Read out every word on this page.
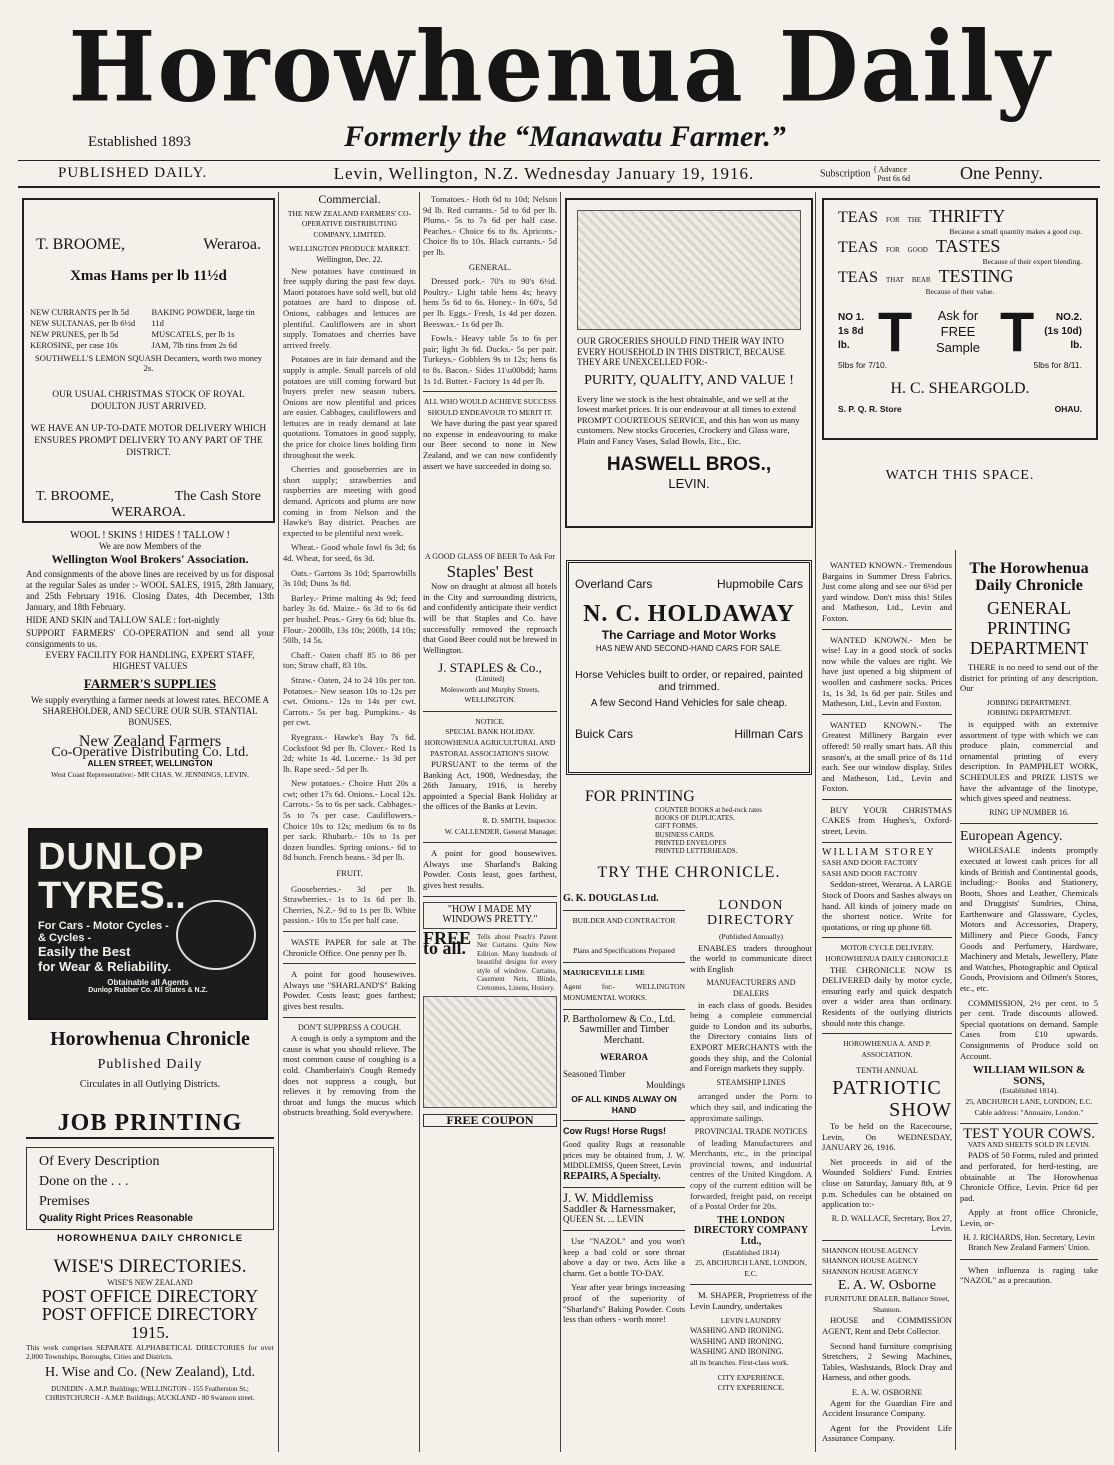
Horowhenua Daily
Established 1893	Formerly the “Manawatu Farmer.”
PUBLISHED DAILY.	Levin, Wellington, N.Z. Wednesday January 19, 1916.	Subscription { Advance
Post 6s 6d	One Penny.
T. BROOME,	Weraroa.
Xmas Hams per lb 11½d
NEW CURRANTS per lb 5d
NEW SULTANAS, per lb 6½d
NEW PRUNES, per lb 5d
KEROSINE, per case 10s
BAKING POWDER, large tin 11d
MUSCATELS, per lb 1s
JAM, 7lb tins from 2s 6d
SOUTHWELL'S LEMON SQUASH Decanters, worth two money 2s.
OUR USUAL CHRISTMAS STOCK OF ROYAL DOULTON JUST ARRIVED.
WE HAVE AN UP-TO-DATE MOTOR DELIVERY WHICH ENSURES PROMPT DELIVERY TO ANY PART OF THE DISTRICT.
T. BROOME,	The Cash Store
WERAROA.
WOOL ! SKINS ! HIDES ! TALLOW !
We are now Members of the
Wellington Wool Brokers' Association.
And consignments of the above lines are received by us for disposal at the regular Sales as under :- WOOL SALES, 1915, 28th January, and 25th February 1916. Closing Dates, 4th December, 13th January, and 18th February.
HIDE AND SKIN and TALLOW SALE : fort-nightly
SUPPORT FARMERS' CO-OPERATION and send all your consignments to us.
EVERY FACILITY FOR HANDLING, EXPERT STAFF, HIGHEST VALUES
FARMER'S SUPPLIES
We supply everything a farmer needs at lowest rates. BECOME A SHAREHOLDER, AND SECURE OUR SUB. STANTIAL BONUSES.
New Zealand Farmers
Co-Operative Distributing Co. Ltd.
ALLEN STREET, WELLINGTON
West Coast Representative:- MR CHAS. W. JENNINGS, LEVIN.
DUNLOP
TYRES..
For Cars - Motor Cycles -
& Cycles -
Easily the Best
for Wear & Reliability.
Obtainable all Agents
Dunlop Rubber Co. All States & N.Z.
Horowhenua Chronicle
Published Daily
Circulates in all Outlying Districts.
JOB PRINTING
Of Every Description
Done on the . . .
Premises
Quality Right Prices Reasonable
HOROWHENUA DAILY CHRONICLE
WISE'S DIRECTORIES.
WISE'S NEW ZEALAND
POST OFFICE DIRECTORY
POST OFFICE DIRECTORY
1915.
This work comprises SEPARATE ALPHABETICAL DIRECTORIES for over 2,000 Townships, Boroughs, Cities and Districts.
H. Wise and Co. (New Zealand), Ltd.
DUNEDIN - A.M.P. Buildings; WELLINGTON - 155 Featherston St.; CHRISTCHURCH - A.M.P. Buildings; AUCKLAND - 80 Swanson street.
Commercial.
THE NEW ZEALAND FARMERS' CO-OPERATIVE DISTRIBUTING COMPANY, LIMITED.
WELLINGTON PRODUCE MARKET.
Wellington, Dec. 22.

New potatoes have continued in free supply during the past few days. Maori potatoes have sold well, but old potatoes are hard to dispose of. Onions, cabbages and lettuces are plentiful. Cauliflowers are in short supply. Tomatoes and cherries have arrived freely.

Potatoes are in fair demand and the supply is ample. Small parcels of old potatoes are still coming forward but buyers prefer new season tubers. Onions are now plentiful and prices are easier. Cabbages, cauliflowers and lettuces are in ready demand at late quotations. Tomatoes in good supply, the price for choice lines holding firm throughout the week.

Cherries and gooseberries are in short supply; strawberries and raspberries are meeting with good demand. Apricots and plums are now coming in from Nelson and the Hawke's Bay district. Peaches are expected to be plentiful next week.

Wheat.- Good whole fowl 6s 3d; 6s 4d. Wheat, for seed, 6s 3d.

Oats.- Gartons 3s 10d; Sparrowbills 3s 10d; Duns 3s 8d.

Barley.- Prime malting 4s 9d; feed barley 3s 6d. Maize.- 6s 3d to 6s 6d per bushel. Peas.- Grey 6s 6d; blue 8s. Flour.- 2000lb, 13s 10s; 200lb, 14 10s; 50lb, 14 5s.

Chaff.- Oaten chaff 85 to 86 per ton; Straw chaff, 83 10s.

Straw.- Oaten, 24 to 24 10s per ton. Potatoes.- New season 10s to 12s per cwt. Onions.- 12s to 14s per cwt. Carrots.- 5s per bag. Pumpkins.- 4s per cwt.

Ryegrass.- Hawke's Bay 7s 6d. Cocksfoot 9d per lb. Clover.- Red 1s 2d; white 1s 4d. Lucerne.- 1s 3d per lb. Rape seed.- 5d per lb.

New potatoes.- Choice Hutt 20s a cwt; other 17s 6d. Onions.- Local 12s. Carrots.- 5s to 6s per sack. Cabbages.- 5s to 7s per case. Cauliflowers.- Choice 10s to 12s; medium 6s to 8s per sack. Rhubarb.- 10s to 1s per dozen bundles. Spring onions.- 6d to 8d bunch. French beans.- 3d per lb.

FRUIT.

Gooseberries.- 3d per lb. Strawberries.- 1s to 1s 6d per lb. Cherries, N.Z.- 9d to 1s per lb. White passion.- 10s to 15s per half case.

WASTE PAPER for sale at The Chronicle Office. One penny per lb.

A point for good housewives. Always use "SHARLAND'S" Baking Powder. Costs least; goes farthest; gives best results.

DON'T SUPPRESS A COUGH.

A cough is only a symptom and the cause is what you should relieve. The most common cause of coughing is a cold. Chamberlain's Cough Remedy does not suppress a cough, but relieves it by removing from the throat and lungs the mucus which obstructs breathing. Sold everywhere.

Tomatoes.- Hoth 6d to 10d; Nelson 9d lb. Red currants.- 5d to 6d per lb. Plums.- 5s to 7s 6d per half case. Peaches.- Choice 6s to 8s. Apricots.- Choice 8s to 10s. Black currants.- 5d per lb.

GENERAL.

Dressed pork.- 70's to 90's 6½d. Poultry.- Light table hens 4s; heavy hens 5s 6d to 6s. Honey.- In 60's, 5d per lb. Eggs.- Fresh, 1s 4d per dozen. Beeswax.- 1s 6d per lb.

Fowls.- Heavy table 5s to 6s per pair; light 3s 6d. Ducks.- 5s per pair. Turkeys.- Gobblers 9s to 12s; hens 6s to 8s. Bacon.- Sides 11\u00bdd; hams 1s 1d. Butter.- Factory 1s 4d per lb.

ALL WHO WOULD ACHIEVE SUCCESS SHOULD ENDEAVOUR TO MERIT IT.

We have during the past year spared no expense in endeavouring to make our Beer second to none in New Zealand, and we can now confidently assert we have succeeded in doing so.

A GOOD GLASS OF BEER To Ask For
Staples' Best

Now on draught at almost all hotels in the City and surrounding districts, and confidently anticipate their verdict will be that Staples and Co. have successfully removed the reproach that Good Beer could not be brewed in Wellington.

J. STAPLES & Co.,
(Limited)
Molesworth and Murphy Streets, WELLINGTON.
NOTICE.
SPECIAL BANK HOLIDAY.
HOROWHENUA AGRICULTURAL AND PASTORAL ASSOCIATION'S SHOW.

PURSUANT to the terms of the Banking Act, 1908, Wednesday, the 26th January, 1916, is hereby appointed a Special Bank Holiday at the offices of the Banks at Levin.

R. D. SMITH, Inspector.
W. CALLENDER, General Manager.

A point for good housewives. Always use Sharland's Baking Powder. Costs least, goes farthest, gives best results.

"HOW I MADE MY WINDOWS PRETTY."
FREE to all.
Tells about Peach's Patent Net Curtains. Quite New Edition. Many hundreds of beautiful designs for every style of window. Curtains, Casement Nets, Blinds, Cretonnes, Linens, Hosiery.
FREE COUPON
OUR GROCERIES SHOULD FIND THEIR WAY INTO EVERY HOUSEHOLD IN THIS DISTRICT, BECAUSE THEY ARE UNEXCELLED FOR:-
PURITY, QUALITY, AND VALUE !
Every line we stock is the best obtainable, and we sell at the lowest market prices. It is our endeavour at all times to extend PROMPT COURTEOUS SERVICE, and this has won us many customers. New stocks Groceries, Crockery and Glass ware, Plain and Fancy Vases, Salad Bowls, Etc., Etc.
HASWELL BROS.,
LEVIN.
Overland Cars	Hupmobile Cars
N. C. HOLDAWAY
The Carriage and Motor Works
HAS NEW AND SECOND-HAND CARS FOR SALE.
Horse Vehicles built to order, or repaired, painted and trimmed.
A few Second Hand Vehicles for sale cheap.
Buick Cars	Hillman Cars
FOR PRINTING
COUNTER BOOKS at bed-rock rates
BOOKS OF DUPLICATES.
GIFT FORMS.
BUSINESS CARDS.
PRINTED ENVELOPES
PRINTED LETTERHEADS.
TRY THE CHRONICLE.
G. K. DOUGLAS Ltd.
BUILDER AND CONTRACTOR
Plans and Specifications Prepared
MAURICEVILLE LIME
Agent for:- WELLINGTON MONUMENTAL WORKS.
P. Bartholomew & Co., Ltd.
Sawmiller and Timber Merchant.
WERAROA
Seasoned Timber
Mouldings
OF ALL KINDS ALWAY ON HAND
Cow Rugs! Horse Rugs!
Good quality Rugs at reasonable prices may be obtained from, J. W. MIDDLEMISS, Queen Street, Levin
REPAIRS, A Specialty.
J. W. Middlemiss
Saddler & Harnessmaker,
QUEEN St. ... LEVIN

Use "NAZOL" and you won't keep a bad cold or sore throat above a day or two. Acts like a charm. Get a bottle TO-DAY.

Year after year brings increasing proof of the superiority of "Sharland's" Baking Powder. Costs less than others - worth more!

LONDON DIRECTORY
(Published Annually)

ENABLES traders throughout the world to communicate direct with English

MANUFACTURERS AND DEALERS

in each class of goods. Besides being a complete commercial guide to London and its suburbs, the Directory contains lists of EXPORT MERCHANTS with the goods they ship, and the Colonial and Foreign markets they supply.

STEAMSHIP LINES

arranged under the Ports to which they sail, and indicating the approximate sailings.

PROVINCIAL TRADE NOTICES

of leading Manufacturers and Merchants, etc., in the principal provincial towns, and industrial centres of the United Kingdom. A copy of the current edition will be forwarded, freight paid, on receipt of a Postal Order for 20s.

THE LONDON DIRECTORY COMPANY Ltd.,
(Established 1814)
25, ABCHURCH LANE, LONDON, E.C.

M. SHAPER, Proprietress of the Levin Laundry, undertakes

LEVIN LAUNDRY
WASHING AND IRONING.
WASHING AND IRONING.
WASHING AND IRONING.
all its branches. First-class work.
CITY EXPERIENCE.
CITY EXPERIENCE.
TEAS FOR THE THRIFTY
Because a small quantity makes a good cup.
TEAS FOR GOOD TASTES
Because of their expert blending.
TEAS THAT BEAR TESTING
Because of their value.
NO 1.
1s 8d
lb. T	Ask for
FREE
Sample T	NO.2.
(1s 10d)
lb.
5lbs for 7/10.	5lbs for 8/11.
H. C. SHEARGOLD.
S. P. Q. R. Store	OHAU.
WATCH THIS SPACE.

WANTED KNOWN.- Tremendous Bargains in Summer Dress Fabrics. Just come along and see our 6½d per yard window. Don't miss this! Stiles and Matheson, Ltd., Levin and Foxton.

WANTED KNOWN.- Men be wise! Lay in a good stock of socks now while the values are right. We have just opened a big shipment of woollen and cashmere socks. Prices 1s, 1s 3d, 1s 6d per pair. Stiles and Matheson, Ltd., Levin and Foxton.

WANTED KNOWN.- The Greatest Millinery Bargain ever offered! 50 really smart hats. All this season's, at the small price of 8s 11d each. See our window display. Stiles and Matheson, Ltd., Levin and Foxton.

BUY YOUR CHRISTMAS CAKES from Hughes's, Oxford-street, Levin.

WILLIAM STOREY
SASH AND DOOR FACTORY
SASH AND DOOR FACTORY

Seddon-street, Weraroa. A LARGE Stock of Doors and Sashes always on hand. All kinds of joinery made on the shortest notice. Write for quotations, or ring up phone 68.

MOTOR CYCLE DELIVERY.
HOROWHENUA DAILY CHRONICLE

THE CHRONICLE NOW IS DELIVERED daily by motor cycle, ensuring early and quick despatch over a wider area than ordinary. Residents of the outlying districts should note this change.

HOROWHENUA A. AND P. ASSOCIATION.
TENTH ANNUAL
PATRIOTIC
SHOW

To be held on the Racecourse, Levin, On WEDNESDAY, JANUARY 26, 1916.

Net proceeds in aid of the Wounded Soldiers' Fund. Entries close on Saturday, January 8th, at 9 p.m. Schedules can be obtained on application to:-

R. D. WALLACE, Secretary, Box 27, Levin.
SHANNON HOUSE AGENCY
SHANNON HOUSE AGENCY
SHANNON HOUSE AGENCY
E. A. W. Osborne
FURNITURE DEALER, Ballance Street, Shannon.

HOUSE and COMMISSION AGENT, Rent and Debt Collector.

Second hand furniture comprising Stretchers, 2 Sewing Machines, Tables, Washstands, Block Dray and Harness, and other goods.

E. A. W. OSBORNE

Agent for the Guardian Fire and Accident Insurance Company.

Agent for the Provident Life Assurance Company.

The Horowhenua Daily Chronicle
GENERAL PRINTING DEPARTMENT

THERE is no need to send out of the district for printing of any description. Our

JOBBING DEPARTMENT.
JOBBING DEPARTMENT.

is equipped with an extensive assortment of type with which we can produce plain, commercial and ornamental printing of every description. In PAMPHLET WORK, SCHEDULES and PRIZE LISTS we have the advantage of the linotype, which gives speed and neatness.

RING UP NUMBER 16.
European Agency.

WHOLESALE indents promptly executed at lowest cash prices for all kinds of British and Continental goods, including:- Books and Stationery, Boots, Shoes and Leather, Chemicals and Druggists' Sundries, China, Earthenware and Glassware, Cycles, Motors and Accessories, Drapery, Millinery and Piece Goods, Fancy Goods and Perfumery, Hardware, Machinery and Metals, Jewellery, Plate and Watches, Photographic and Optical Goods, Provisions and Oilmen's Stores, etc., etc.

COMMISSION, 2½ per cent. to 5 per cent. Trade discounts allowed. Special quotations on demand. Sample Cases from £10 upwards. Consignments of Produce sold on Account.

WILLIAM WILSON & SONS,
(Established 1814).
25, ABCHURCH LANE, LONDON, E.C.
Cable address: "Annuaire, London."
TEST YOUR COWS.
VATS AND SHEETS SOLD IN LEVIN.

PADS of 50 Forms, ruled and printed and perforated, for herd-testing, are obtainable at The Horowhenua Chronicle Office, Levin. Price 6d per pad.

Apply at front office Chronicle, Levin, or-

H. J. RICHARDS, Hon. Secretary, Levin Branch New Zealand Farmers' Union.

When influenza is raging take "NAZOL" as a precaution.
